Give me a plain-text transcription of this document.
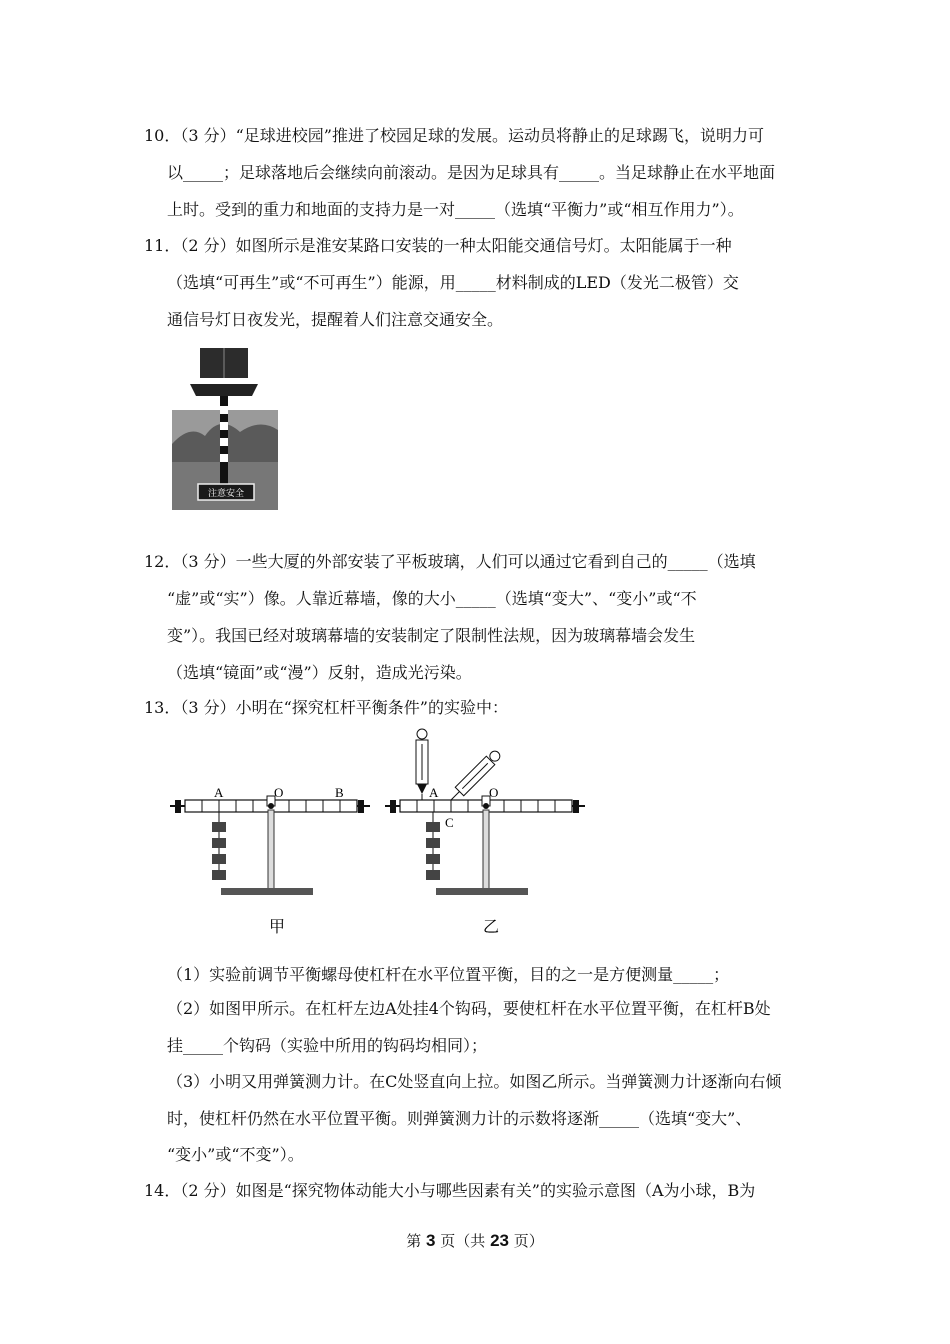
10．（3 分）“足球进校园”推进了校园足球的发展。运动员将静止的足球踢飞，说明力可
以_____；足球落地后会继续向前滚动。是因为足球具有_____。当足球静止在水平地面
上时。受到的重力和地面的支持力是一对_____（选填“平衡力”或“相互作用力”）。
11．（2 分）如图所示是淮安某路口安装的一种太阳能交通信号灯。太阳能属于一种
（选填“可再生”或“不可再生”）能源，用_____材料制成的LED（发光二极管）交
通信号灯日夜发光，提醒着人们注意交通安全。
注意安全
12．（3 分）一些大厦的外部安装了平板玻璃，人们可以通过它看到自己的_____（选填
“虚”或“实”）像。人靠近幕墙，像的大小_____（选填“变大”、“变小”或“不
变”）。我国已经对玻璃幕墙的安装制定了限制性法规，因为玻璃幕墙会发生
（选填“镜面”或“漫”）反射，造成光污染。
13．（3 分）小明在“探究杠杆平衡条件”的实验中：
A	O	B
甲
A	O
C
乙
（1）实验前调节平衡螺母使杠杆在水平位置平衡，目的之一是方便测量_____；
（2）如图甲所示。在杠杆左边A处挂4个钩码，要使杠杆在水平位置平衡，在杠杆B处
挂_____个钩码（实验中所用的钩码均相同）；
（3）小明又用弹簧测力计。在C处竖直向上拉。如图乙所示。当弹簧测力计逐渐向右倾
时，使杠杆仍然在水平位置平衡。则弹簧测力计的示数将逐渐_____（选填“变大”、
“变小”或“不变”）。
14．（2 分）如图是“探究物体动能大小与哪些因素有关”的实验示意图（A为小球，B为
第 3 页（共 23 页）
